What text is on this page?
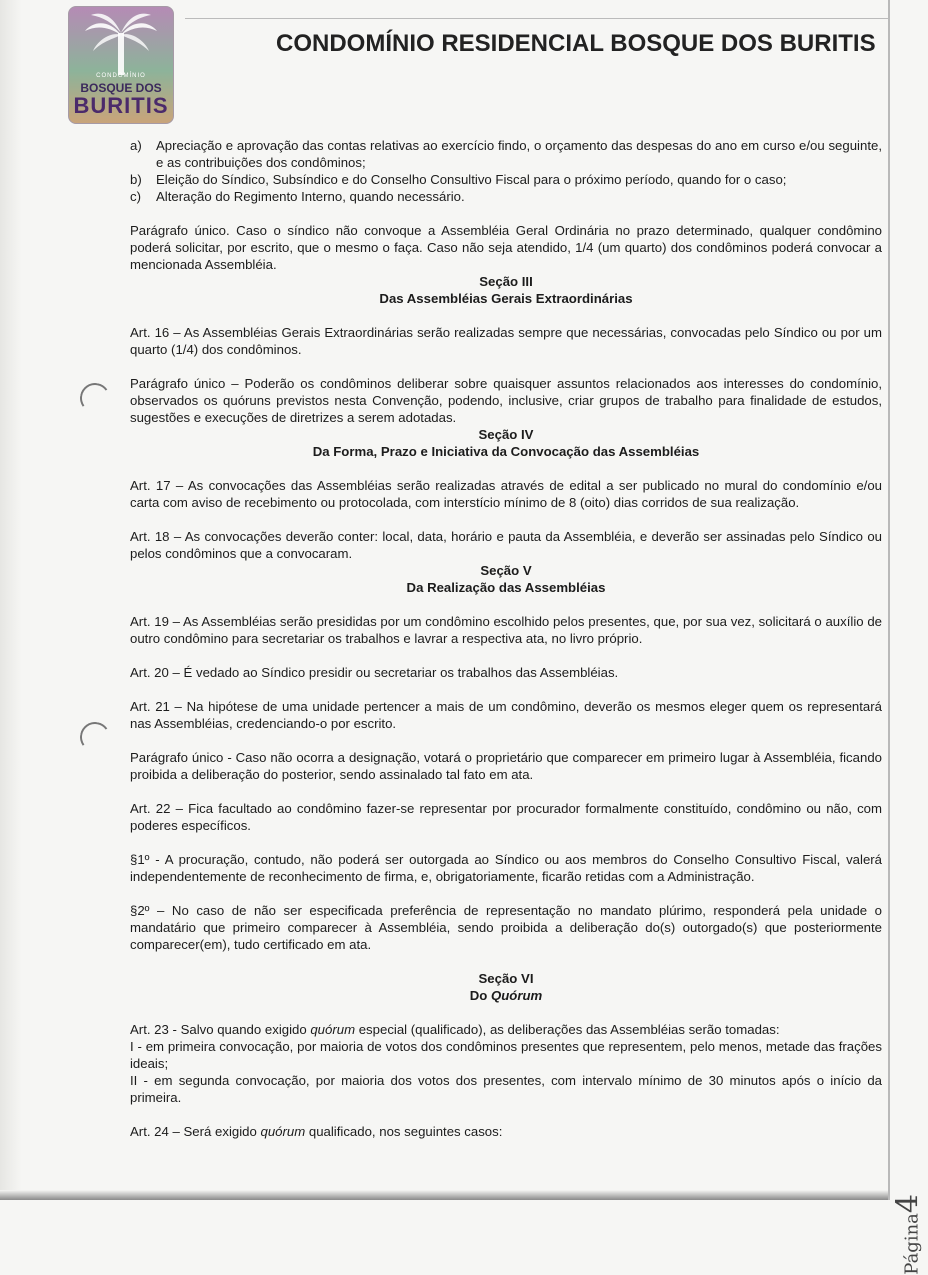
CONDOMÍNIO
BOSQUE DOS
BURITIS
CONDOMÍNIO RESIDENCIAL BOSQUE DOS BURITIS
a) Apreciação e aprovação das contas relativas ao exercício findo, o orçamento das despesas do ano em curso e/ou seguinte, e as contribuições dos condôminos;
b) Eleição do Síndico, Subsíndico e do Conselho Consultivo Fiscal para o próximo período, quando for o caso;
c) Alteração do Regimento Interno, quando necessário.

Parágrafo único. Caso o síndico não convoque a Assembléia Geral Ordinária no prazo determinado, qualquer condômino poderá solicitar, por escrito, que o mesmo o faça. Caso não seja atendido, 1/4 (um quarto) dos condôminos poderá convocar a mencionada Assembléia.

Seção III

Das Assembléias Gerais Extraordinárias

Art. 16 – As Assembléias Gerais Extraordinárias serão realizadas sempre que necessárias, convocadas pelo Síndico ou por um quarto (1/4) dos condôminos.

Parágrafo único – Poderão os condôminos deliberar sobre quaisquer assuntos relacionados aos interesses do condomínio, observados os quóruns previstos nesta Convenção, podendo, inclusive, criar grupos de trabalho para finalidade de estudos, sugestões e execuções de diretrizes a serem adotadas.

Seção IV

Da Forma, Prazo e Iniciativa da Convocação das Assembléias

Art. 17 – As convocações das Assembléias serão realizadas através de edital a ser publicado no mural do condomínio e/ou carta com aviso de recebimento ou protocolada, com interstício mínimo de 8 (oito) dias corridos de sua realização.

Art. 18 – As convocações deverão conter: local, data, horário e pauta da Assembléia, e deverão ser assinadas pelo Síndico ou pelos condôminos que a convocaram.

Seção V

Da Realização das Assembléias

Art. 19 – As Assembléias serão presididas por um condômino escolhido pelos presentes, que, por sua vez, solicitará o auxílio de outro condômino para secretariar os trabalhos e lavrar a respectiva ata, no livro próprio.

Art. 20 – É vedado ao Síndico presidir ou secretariar os trabalhos das Assembléias.

Art. 21 – Na hipótese de uma unidade pertencer a mais de um condômino, deverão os mesmos eleger quem os representará nas Assembléias, credenciando-o por escrito.

Parágrafo único - Caso não ocorra a designação, votará o proprietário que comparecer em primeiro lugar à Assembléia, ficando proibida a deliberação do posterior, sendo assinalado tal fato em ata.

Art. 22 – Fica facultado ao condômino fazer-se representar por procurador formalmente constituído, condômino ou não, com poderes específicos.

§1º - A procuração, contudo, não poderá ser outorgada ao Síndico ou aos membros do Conselho Consultivo Fiscal, valerá independentemente de reconhecimento de firma, e, obrigatoriamente, ficarão retidas com a Administração.

§2º – No caso de não ser especificada preferência de representação no mandato plúrimo, responderá pela unidade o mandatário que primeiro comparecer à Assembléia, sendo proibida a deliberação do(s) outorgado(s) que posteriormente comparecer(em), tudo certificado em ata.

Seção VI

Do Quórum

Art. 23 - Salvo quando exigido quórum especial (qualificado), as deliberações das Assembléias serão tomadas:

I - em primeira convocação, por maioria de votos dos condôminos presentes que representem, pelo menos, metade das frações ideais;

II - em segunda convocação, por maioria dos votos dos presentes, com intervalo mínimo de 30 minutos após o início da primeira.

Art. 24 – Será exigido quórum qualificado, nos seguintes casos:

Página4
